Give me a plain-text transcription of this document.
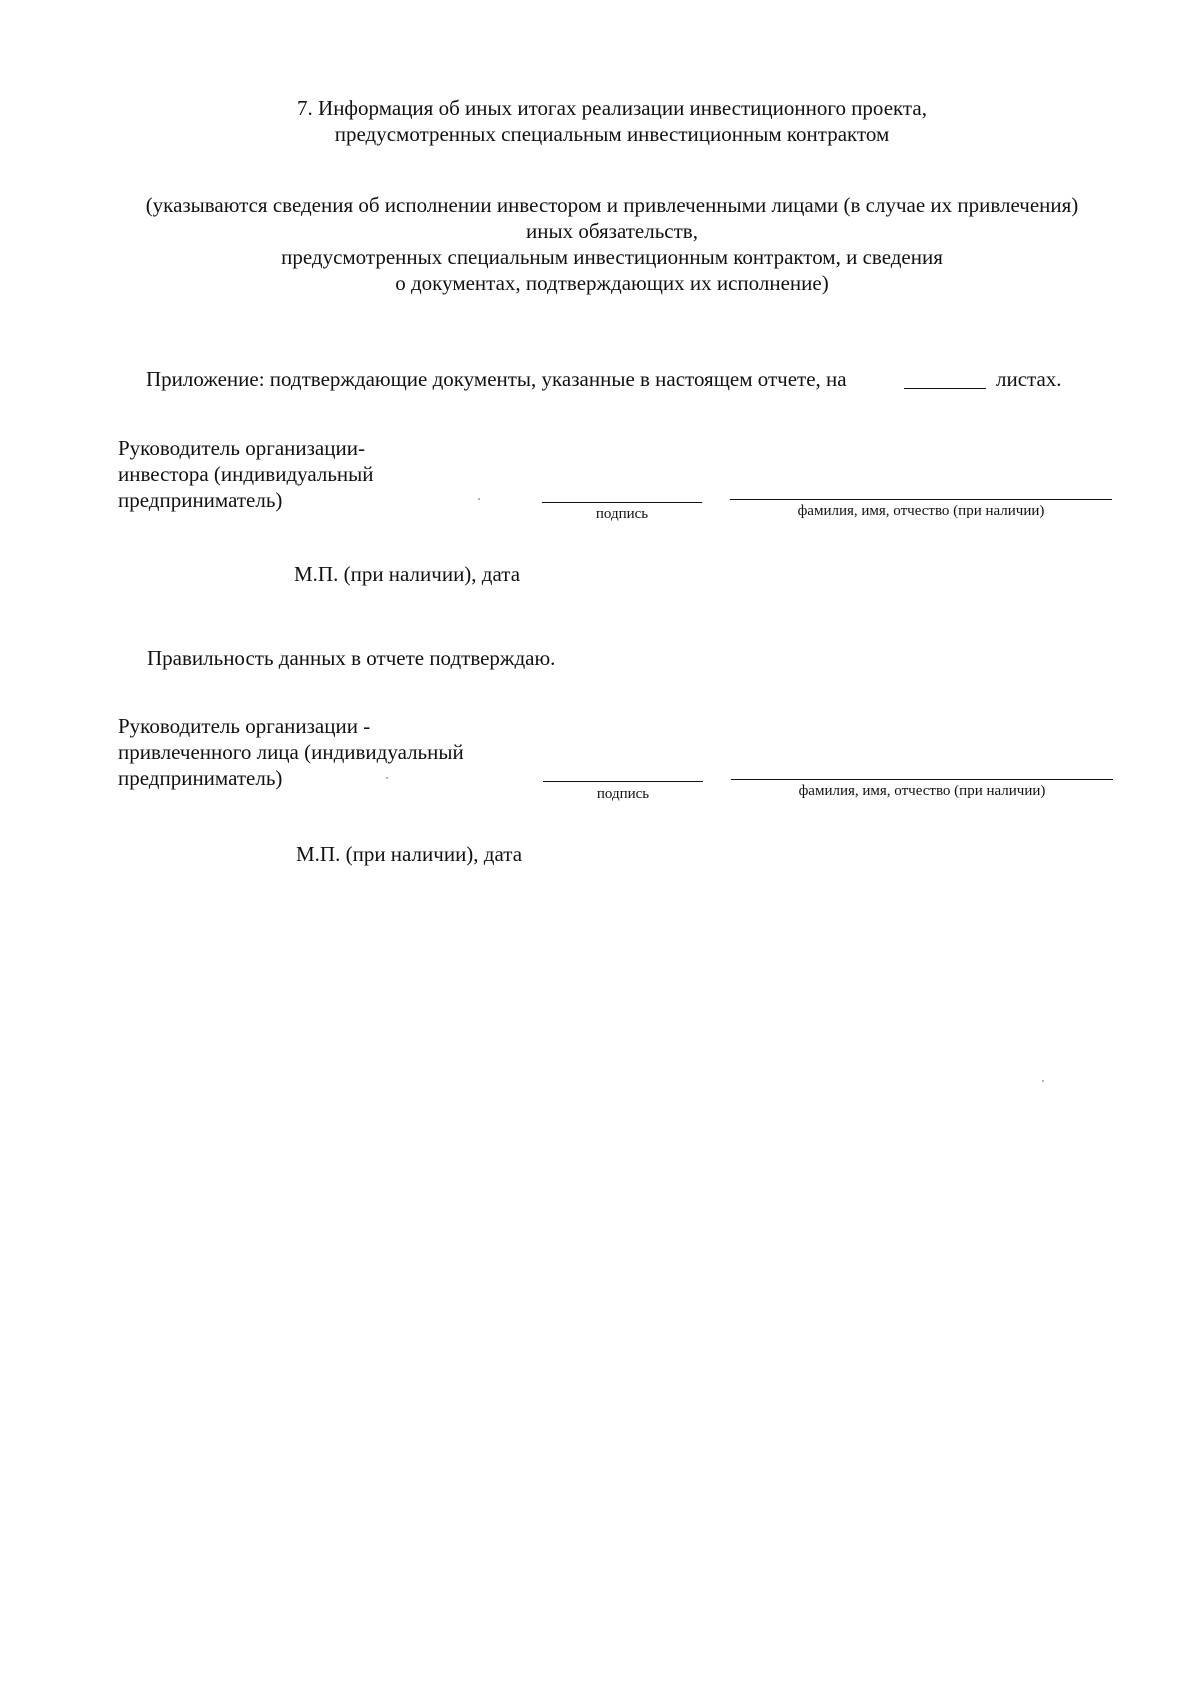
7. Информация об иных итогах реализации инвестиционного проекта,
предусмотренных специальным инвестиционным контрактом
(указываются сведения об исполнении инвестором и привлеченными лицами (в случае их привлечения)
иных обязательств,
предусмотренных специальным инвестиционным контрактом, и сведения
о документах, подтверждающих их исполнение)
Приложение: подтверждающие документы, указанные в настоящем отчете, на	листах.
Руководитель организации-
инвестора (индивидуальный
предприниматель)
подпись	фамилия, имя, отчество (при наличии)
М.П. (при наличии), дата
Правильность данных в отчете подтверждаю.
Руководитель организации -
привлеченного лица (индивидуальный
предприниматель)
подпись	фамилия, имя, отчество (при наличии)
М.П. (при наличии), дата
